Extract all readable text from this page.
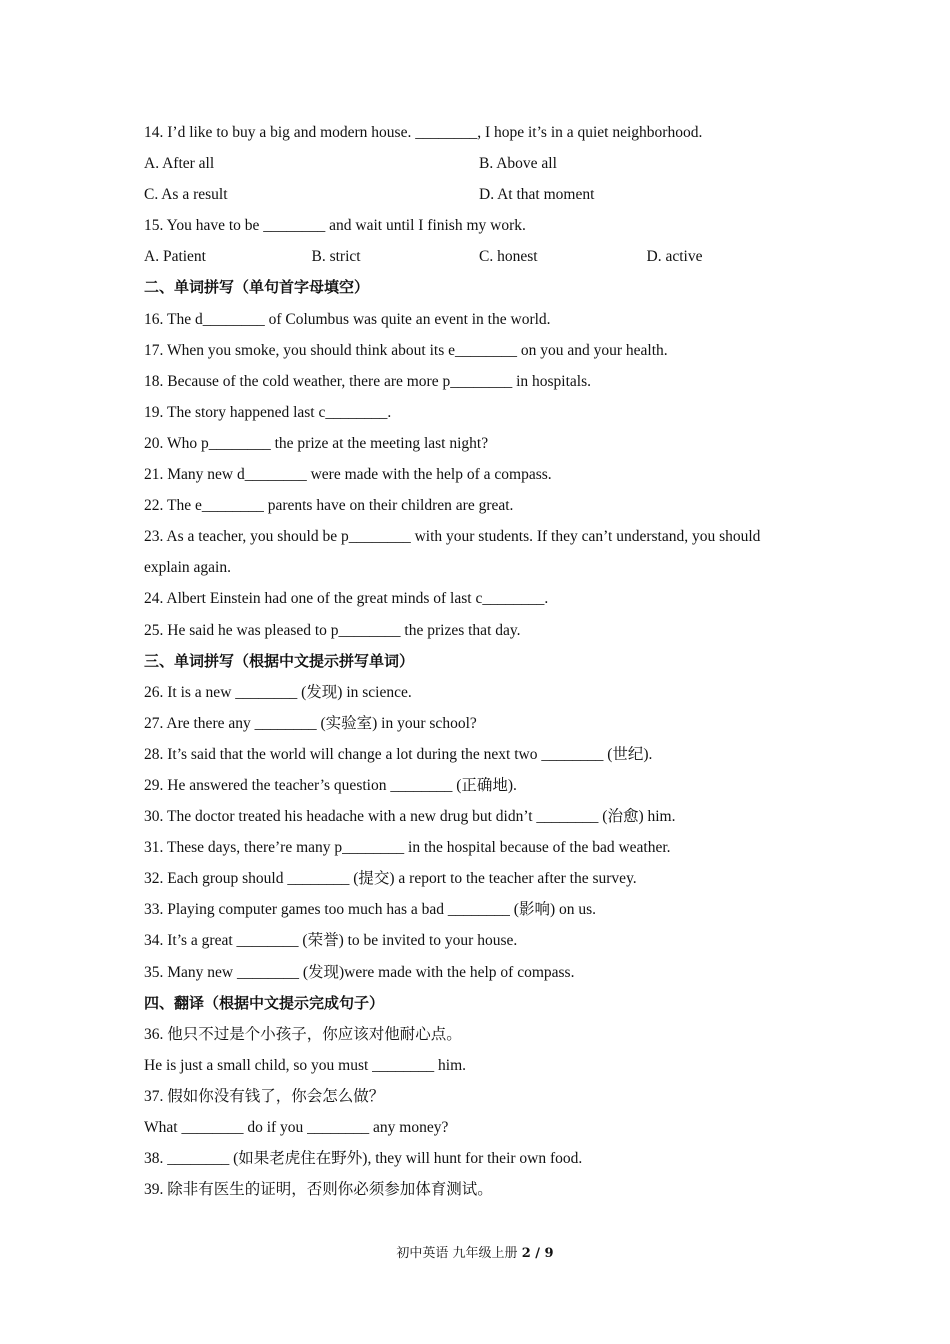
14. I’d like to buy a big and modern house. ________, I hope it’s in a quiet neighborhood.
A. After all	B. Above all
C. As a result	D. At that moment
15. You have to be ________ and wait until I finish my work.
A. Patient	B. strict	C. honest	D. active
二、单词拼写（单句首字母填空）
16. The d________ of Columbus was quite an event in the world.
17. When you smoke, you should think about its e________ on you and your health.
18. Because of the cold weather, there are more p________ in hospitals.
19. The story happened last c________.
20. Who p________ the prize at the meeting last night?
21. Many new d________ were made with the help of a compass.
22. The e________ parents have on their children are great.
23. As a teacher, you should be p________ with your students. If they can’t understand, you should
explain again.
24. Albert Einstein had one of the great minds of last c________.
25. He said he was pleased to p________ the prizes that day.
三、单词拼写（根据中文提示拼写单词）
26. It is a new ________ (发现) in science.
27. Are there any ________ (实验室) in your school?
28. It’s said that the world will change a lot during the next two ________ (世纪).
29. He answered the teacher’s question ________ (正确地).
30. The doctor treated his headache with a new drug but didn’t ________ (治愈) him.
31. These days, there’re many p________ in the hospital because of the bad weather.
32. Each group should ________ (提交) a report to the teacher after the survey.
33. Playing computer games too much has a bad ________ (影响) on us.
34. It’s a great ________ (荣誉) to be invited to your house.
35. Many new ________ (发现)were made with the help of compass.
四、翻译（根据中文提示完成句子）
36. 他只不过是个小孩子，你应该对他耐心点。
He is just a small child, so you must ________ him.
37. 假如你没有钱了，你会怎么做？
What ________ do if you ________ any money?
38. ________ (如果老虎住在野外), they will hunt for their own food.
39. 除非有医生的证明，否则你必须参加体育测试。
初中英语 九年级上册 2 / 9
